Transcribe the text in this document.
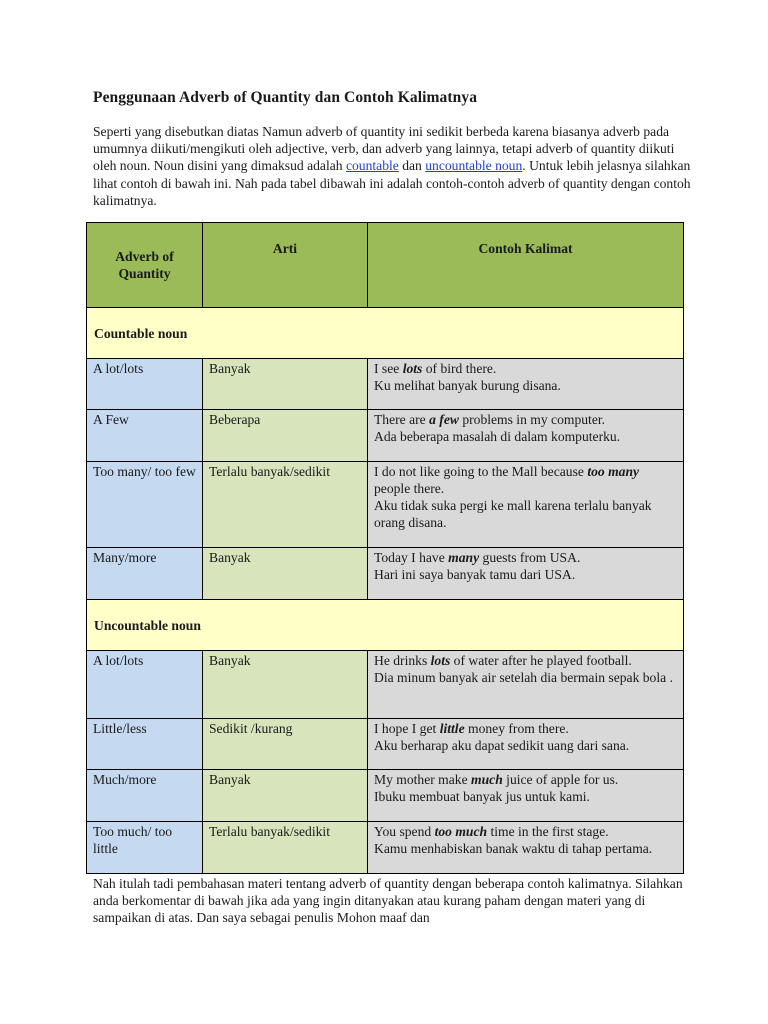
Penggunaan Adverb of Quantity dan Contoh Kalimatnya

Seperti yang disebutkan diatas Namun adverb of quantity ini sedikit berbeda karena biasanya adverb pada umumnya diikuti/mengikuti oleh adjective, verb, dan adverb yang lainnya, tetapi adverb of quantity diikuti oleh noun. Noun disini yang dimaksud adalah countable dan uncountable noun. Untuk lebih jelasnya silahkan lihat contoh di bawah ini. Nah pada tabel dibawah ini adalah contoh-contoh adverb of quantity dengan contoh kalimatnya.

Adverb of Quantity	Arti	Contoh Kalimat
Countable noun		
A lot/lots	Banyak	I see lots of bird there.
Ku melihat banyak burung disana.

A Few	Beberapa	There are a few problems in my computer.
Ada beberapa masalah di dalam komputerku.

Too many/ too few	Terlalu banyak/sedikit	I do not like going to the Mall because too many people there.
Aku tidak suka pergi ke mall karena terlalu banyak orang disana.

Many/more	Banyak	Today I have many guests from USA.
Hari ini saya banyak tamu dari USA.

Uncountable noun		
A lot/lots	Banyak	He drinks lots of water after he played football.
Dia minum banyak air setelah dia bermain sepak bola .

Little/less	Sedikit /kurang	I hope I get little money from there.
Aku berharap aku dapat sedikit uang dari sana.

Much/more	Banyak	My mother make much juice of apple for us.
Ibuku membuat banyak jus untuk kami.

Too much/ too little	Terlalu banyak/sedikit	You spend too much time in the first stage.
Kamu menhabiskan banak waktu di tahap pertama.

Nah itulah tadi pembahasan materi tentang adverb of quantity dengan beberapa contoh kalimatnya. Silahkan anda berkomentar di bawah jika ada yang ingin ditanyakan atau kurang paham dengan materi yang di sampaikan di atas. Dan saya sebagai penulis Mohon maaf dan
